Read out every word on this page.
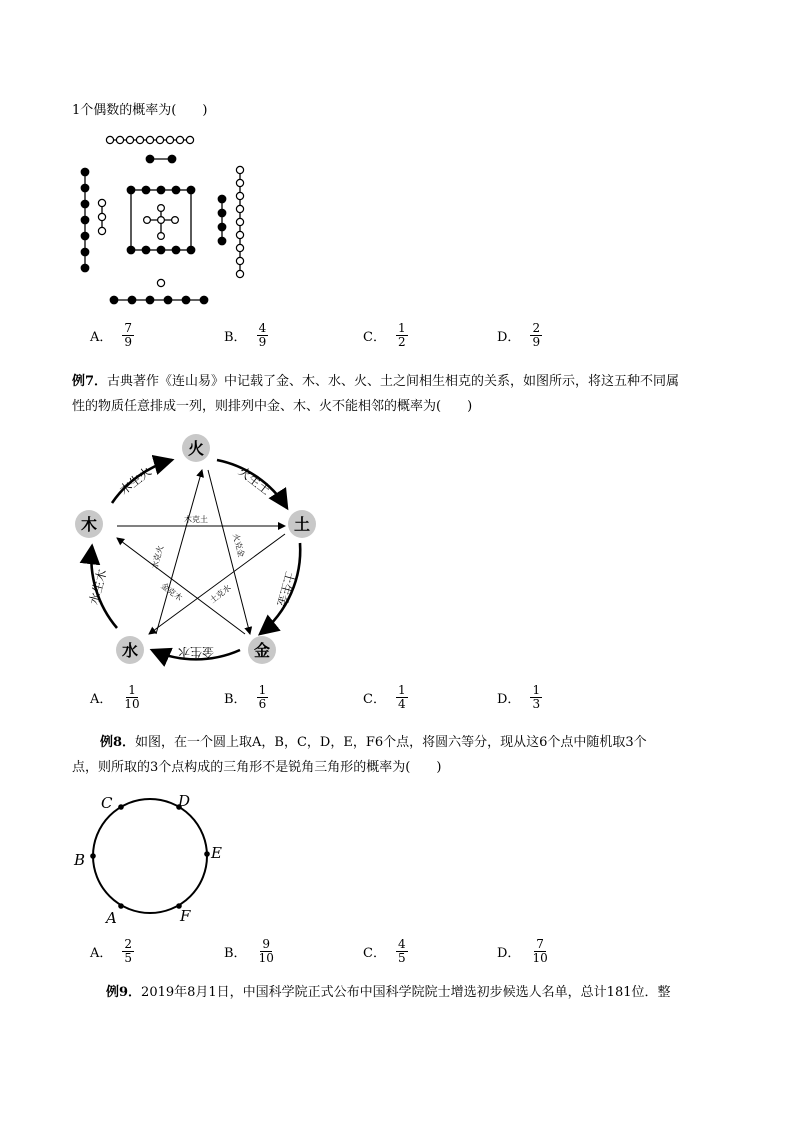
1个偶数的概率为(　　)
A． $\frac{7}{9}$	B． $\frac{4}{9}$	C． $\frac{1}{2}$	D． $\frac{2}{9}$
例7．古典著作《连山易》中记载了金、木、水、火、土之间相生相克的关系，如图所示，将这五种不同属
性的物质任意排成一列，则排列中金、木、火不能相邻的概率为(　　)
火
土
金
水
木
火生土
土生金
金生水
水生木
木生火
木克土
土克水
水克火	火克金
金克木
A． $\frac{1}{10}$	B． $\frac{1}{6}$	C． $\frac{1}{4}$	D． $\frac{1}{3}$
例8．如图，在一个圆上取A，B，C，D，E，F6个点，将圆六等分，现从这6个点中随机取3个
点，则所取的3个点构成的三角形不是锐角三角形的概率为(　　)
C	D
B	E
A	F
A． $\frac{2}{5}$	B． $\frac{9}{10}$	C． $\frac{4}{5}$	D． $\frac{7}{10}$
例9．2019年8月1日，中国科学院正式公布中国科学院院士增选初步候选人名单，总计181位．整
